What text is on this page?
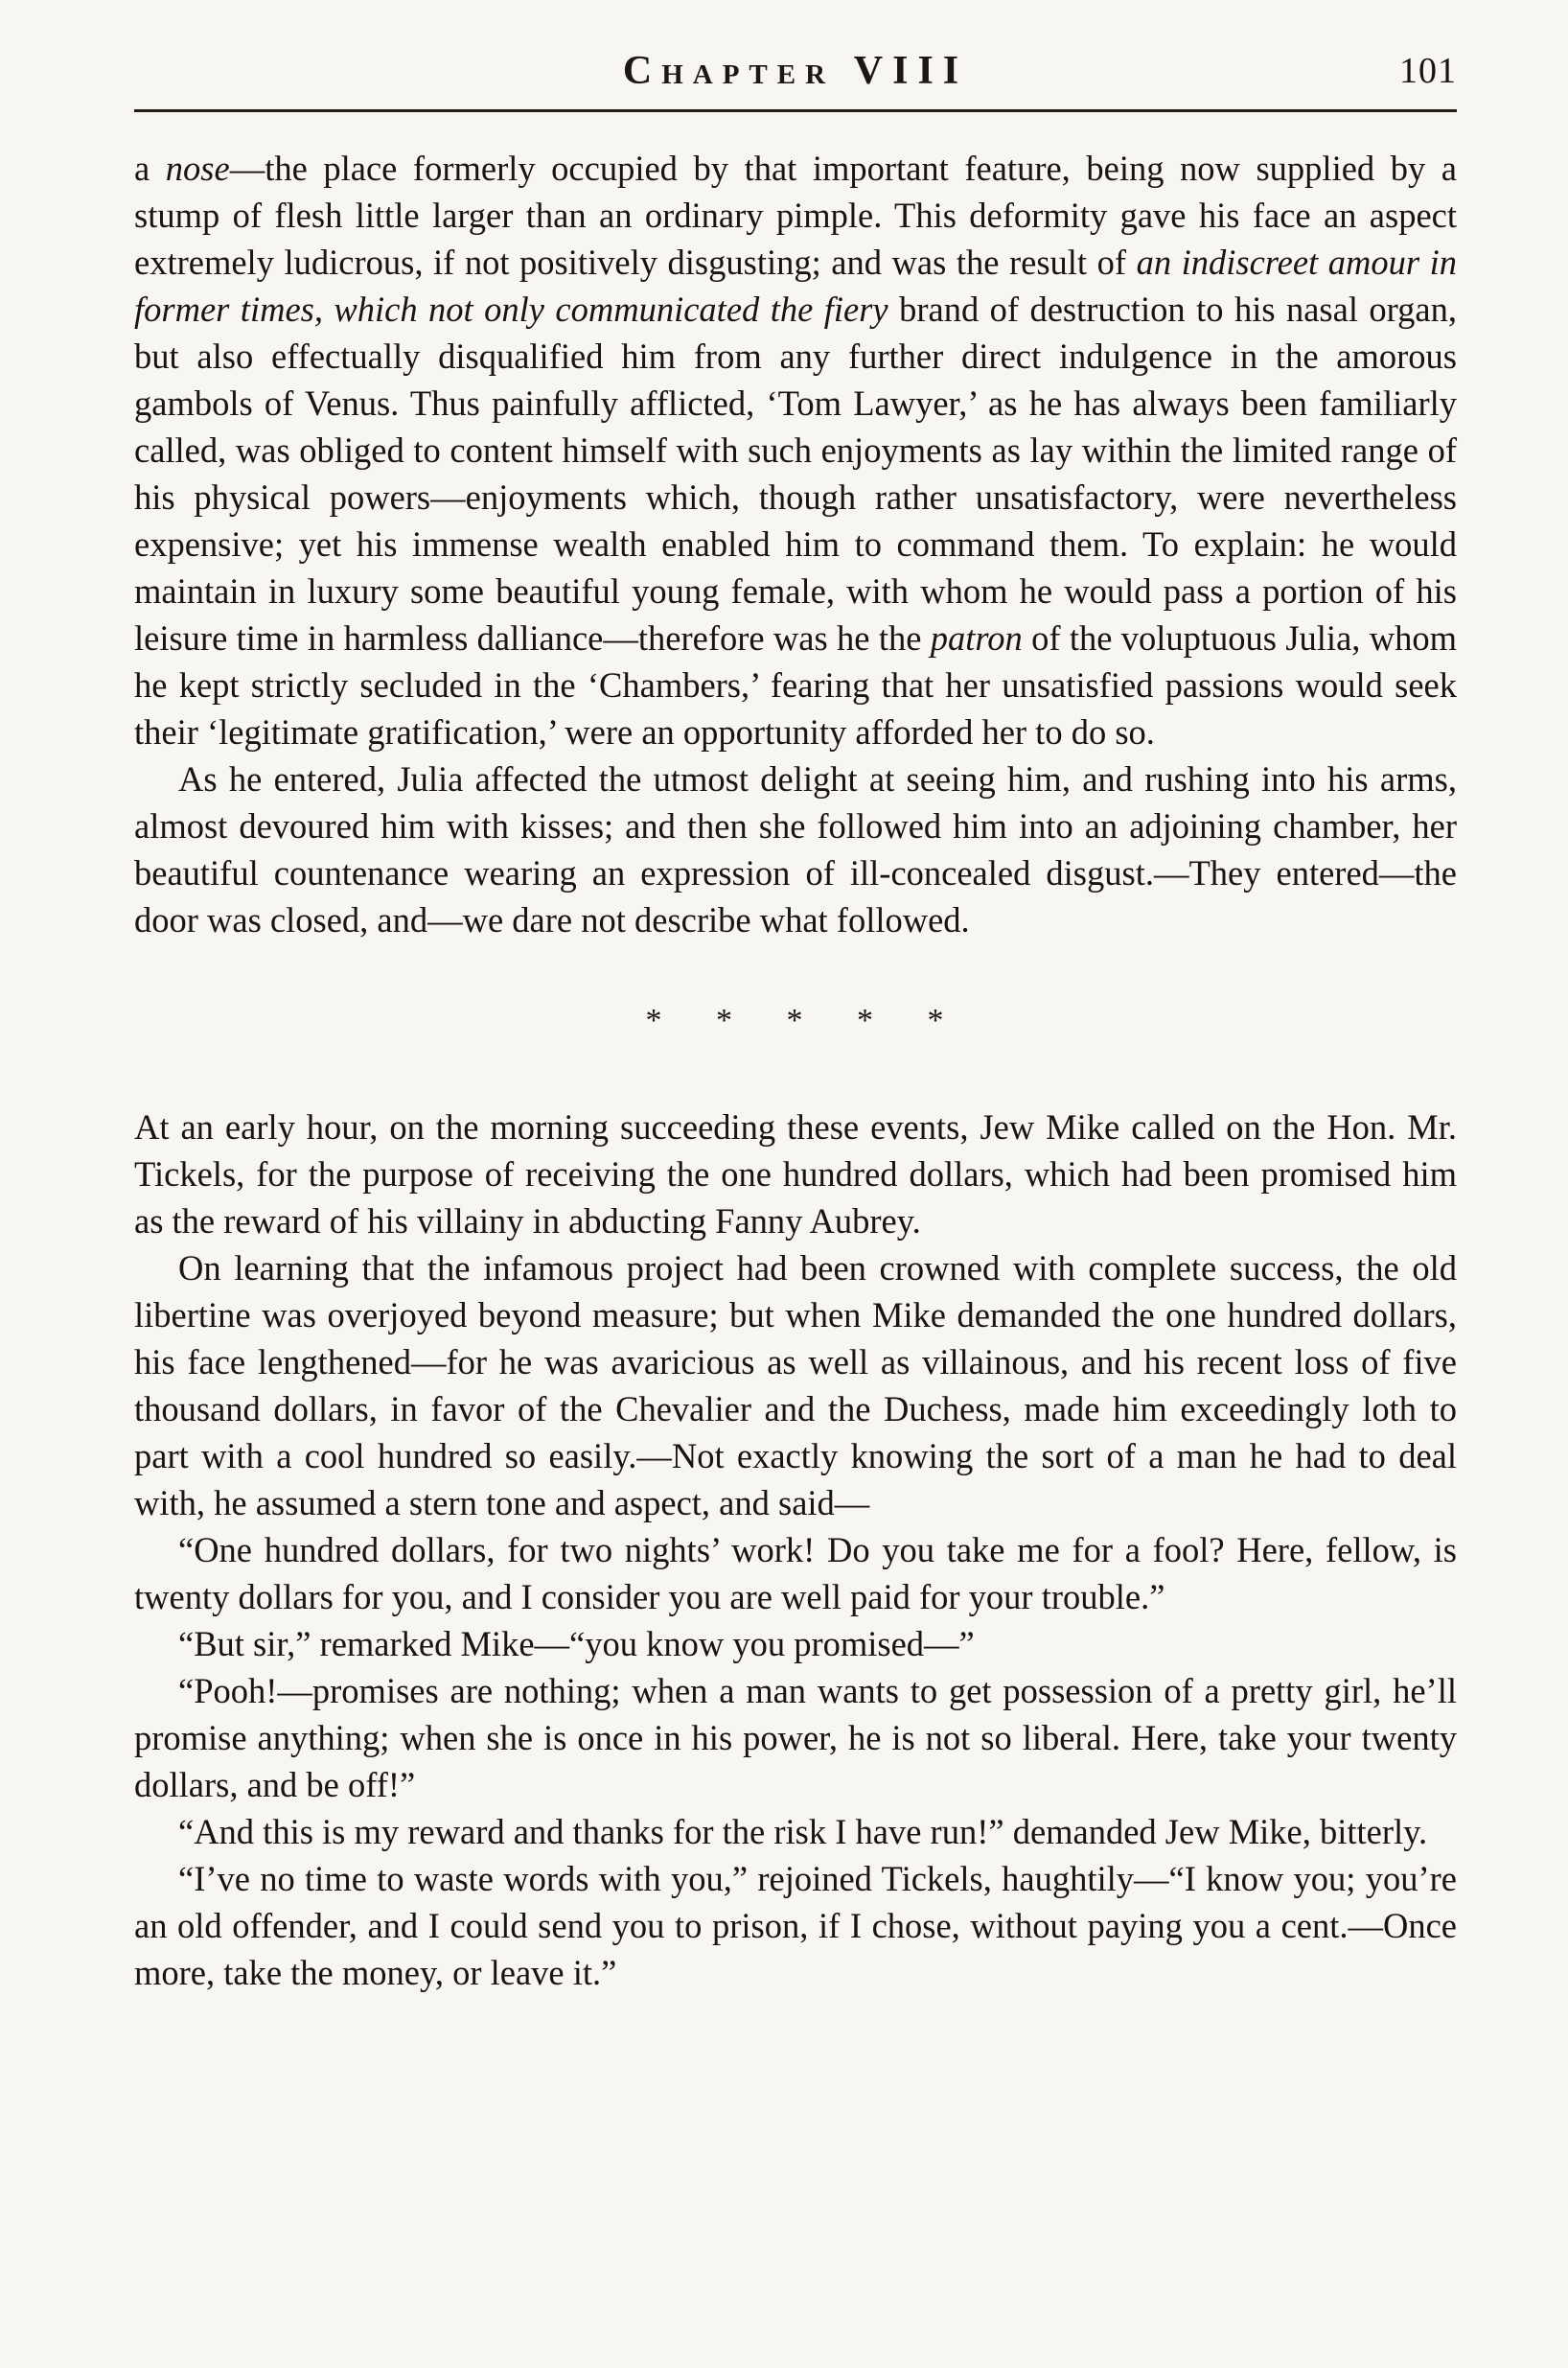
Chapter VIII	101

a nose—the place formerly occupied by that important feature, being now supplied by a stump of flesh little larger than an ordinary pimple. This deformity gave his face an aspect extremely ludicrous, if not positively disgusting; and was the result of an indiscreet amour in former times, which not only communicated the fiery brand of destruction to his nasal organ, but also effectually disqualified him from any further direct indulgence in the amorous gambols of Venus. Thus painfully afflicted, ‘Tom Lawyer,’ as he has always been familiarly called, was obliged to content himself with such enjoyments as lay within the limited range of his physical powers—enjoyments which, though rather unsatisfactory, were nevertheless expensive; yet his immense wealth enabled him to command them. To explain: he would maintain in luxury some beautiful young female, with whom he would pass a portion of his leisure time in harmless dalliance—therefore was he the patron of the voluptuous Julia, whom he kept strictly secluded in the ‘Chambers,’ fearing that her unsatisfied passions would seek their ‘legitimate gratification,’ were an opportunity afforded her to do so.

As he entered, Julia affected the utmost delight at seeing him, and rushing into his arms, almost devoured him with kisses; and then she followed him into an adjoining chamber, her beautiful countenance wearing an expression of ill-concealed disgust.—They entered—the door was closed, and—we dare not describe what followed.

* * * * *

At an early hour, on the morning succeeding these events, Jew Mike called on the Hon. Mr. Tickels, for the purpose of receiving the one hundred dollars, which had been promised him as the reward of his villainy in abducting Fanny Aubrey.

On learning that the infamous project had been crowned with complete success, the old libertine was overjoyed beyond measure; but when Mike demanded the one hundred dollars, his face lengthened—for he was avaricious as well as villainous, and his recent loss of five thousand dollars, in favor of the Chevalier and the Duchess, made him exceedingly loth to part with a cool hundred so easily.—Not exactly knowing the sort of a man he had to deal with, he assumed a stern tone and aspect, and said—

“One hundred dollars, for two nights’ work! Do you take me for a fool? Here, fellow, is twenty dollars for you, and I consider you are well paid for your trouble.”

“But sir,” remarked Mike—“you know you promised—”

“Pooh!—promises are nothing; when a man wants to get possession of a pretty girl, he’ll promise anything; when she is once in his power, he is not so liberal. Here, take your twenty dollars, and be off!”

“And this is my reward and thanks for the risk I have run!” demanded Jew Mike, bitterly.

“I’ve no time to waste words with you,” rejoined Tickels, haughtily—“I know you; you’re an old offender, and I could send you to prison, if I chose, without paying you a cent.—Once more, take the money, or leave it.”
